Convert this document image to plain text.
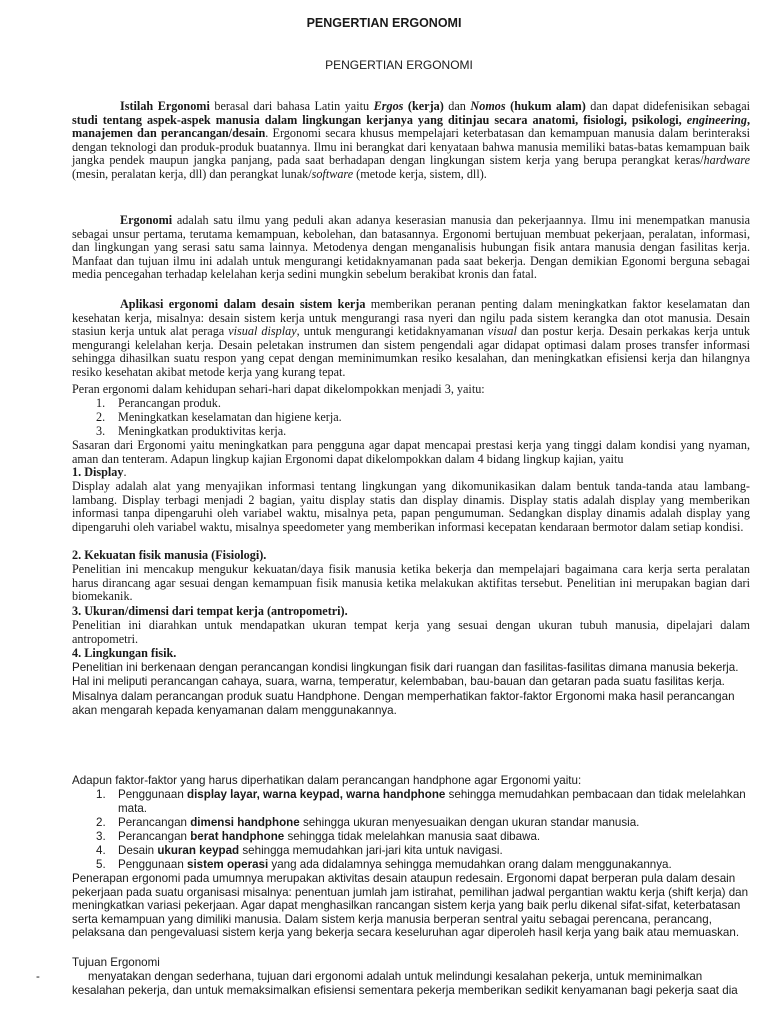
PENGERTIAN ERGONOMI
PENGERTIAN ERGONOMI

Istilah Ergonomi berasal dari bahasa Latin yaitu Ergos (kerja) dan Nomos (hukum alam) dan dapat didefenisikan sebagai studi tentang aspek-aspek manusia dalam lingkungan kerjanya yang ditinjau secara anatomi, fisiologi, psikologi, engineering, manajemen dan perancangan/desain. Ergonomi secara khusus mempelajari keterbatasan dan kemampuan manusia dalam berinteraksi dengan teknologi dan produk-produk buatannya. Ilmu ini berangkat dari kenyataan bahwa manusia memiliki batas-batas kemampuan baik jangka pendek maupun jangka panjang, pada saat berhadapan dengan lingkungan sistem kerja yang berupa perangkat keras/hardware (mesin, peralatan kerja, dll) dan perangkat lunak/software (metode kerja, sistem, dll).

Ergonomi adalah satu ilmu yang peduli akan adanya keserasian manusia dan pekerjaannya. Ilmu ini menempatkan manusia sebagai unsur pertama, terutama kemampuan, kebolehan, dan batasannya. Ergonomi bertujuan membuat pekerjaan, peralatan, informasi, dan lingkungan yang serasi satu sama lainnya. Metodenya dengan menganalisis hubungan fisik antara manusia dengan fasilitas kerja. Manfaat dan tujuan ilmu ini adalah untuk mengurangi ketidaknyamanan pada saat bekerja. Dengan demikian Egonomi berguna sebagai media pencegahan terhadap kelelahan kerja sedini mungkin sebelum berakibat kronis dan fatal.

Aplikasi ergonomi dalam desain sistem kerja memberikan peranan penting dalam meningkatkan faktor keselamatan dan kesehatan kerja, misalnya: desain sistem kerja untuk mengurangi rasa nyeri dan ngilu pada sistem kerangka dan otot manusia. Desain stasiun kerja untuk alat peraga visual display, untuk mengurangi ketidaknyamanan visual dan postur kerja. Desain perkakas kerja untuk mengurangi kelelahan kerja. Desain peletakan instrumen dan sistem pengendali agar didapat optimasi dalam proses transfer informasi sehingga dihasilkan suatu respon yang cepat dengan meminimumkan resiko kesalahan, dan meningkatkan efisiensi kerja dan hilangnya resiko kesehatan akibat metode kerja yang kurang tepat.

Peran ergonomi dalam kehidupan sehari-hari dapat dikelompokkan menjadi 3, yaitu:

1. Perancangan produk.
2. Meningkatkan keselamatan dan higiene kerja.
3. Meningkatkan produktivitas kerja.

Sasaran dari Ergonomi yaitu meningkatkan para pengguna agar dapat mencapai prestasi kerja yang tinggi dalam kondisi yang nyaman, aman dan tenteram. Adapun lingkup kajian Ergonomi dapat dikelompokkan dalam 4 bidang lingkup kajian, yaitu

1. Display.

Display adalah alat yang menyajikan informasi tentang lingkungan yang dikomunikasikan dalam bentuk tanda-tanda atau lambang-lambang. Display terbagi menjadi 2 bagian, yaitu display statis dan display dinamis. Display statis adalah display yang memberikan informasi tanpa dipengaruhi oleh variabel waktu, misalnya peta, papan pengumuman. Sedangkan display dinamis adalah display yang dipengaruhi oleh variabel waktu, misalnya speedometer yang memberikan informasi kecepatan kendaraan bermotor dalam setiap kondisi.

2. Kekuatan fisik manusia (Fisiologi).

Penelitian ini mencakup mengukur kekuatan/daya fisik manusia ketika bekerja dan mempelajari bagaimana cara kerja serta peralatan harus dirancang agar sesuai dengan kemampuan fisik manusia ketika melakukan aktifitas tersebut. Penelitian ini merupakan bagian dari biomekanik.

3. Ukuran/dimensi dari tempat kerja (antropometri).

Penelitian ini diarahkan untuk mendapatkan ukuran tempat kerja yang sesuai dengan ukuran tubuh manusia, dipelajari dalam antropometri.

4. Lingkungan fisik.

Penelitian ini berkenaan dengan perancangan kondisi lingkungan fisik dari ruangan dan fasilitas-fasilitas dimana manusia bekerja. Hal ini meliputi perancangan cahaya, suara, warna, temperatur, kelembaban, bau-bauan dan getaran pada suatu fasilitas kerja.

Misalnya dalam perancangan produk suatu Handphone. Dengan memperhatikan faktor-faktor Ergonomi maka hasil perancangan akan mengarah kepada kenyamanan dalam menggunakannya.

Adapun faktor-faktor yang harus diperhatikan dalam perancangan handphone agar Ergonomi yaitu:

1. Penggunaan display layar, warna keypad, warna handphone sehingga memudahkan pembacaan dan tidak melelahkan mata.
2. Perancangan dimensi handphone sehingga ukuran menyesuaikan dengan ukuran standar manusia.
3. Perancangan berat handphone sehingga tidak melelahkan manusia saat dibawa.
4. Desain ukuran keypad sehingga memudahkan jari-jari kita untuk navigasi.
5. Penggunaan sistem operasi yang ada didalamnya sehingga memudahkan orang dalam menggunakannya.

Penerapan ergonomi pada umumnya merupakan aktivitas desain ataupun redesain. Ergonomi dapat berperan pula dalam desain pekerjaan pada suatu organisasi misalnya: penentuan jumlah jam istirahat, pemilihan jadwal pergantian waktu kerja (shift kerja) dan meningkatkan variasi pekerjaan. Agar dapat menghasilkan rancangan sistem kerja yang baik perlu dikenal sifat-sifat, keterbatasan serta kemampuan yang dimiliki manusia. Dalam sistem kerja manusia berperan sentral yaitu sebagai perencana, perancang, pelaksana dan pengevaluasi sistem kerja yang bekerja secara keseluruhan agar diperoleh hasil kerja yang baik atau memuaskan.

Tujuan Ergonomi

-	menyatakan dengan sederhana, tujuan dari ergonomi adalah untuk melindungi kesalahan pekerja, untuk meminimalkan kesalahan pekerja, dan untuk memaksimalkan efisiensi sementara pekerja memberikan sedikit kenyamanan bagi pekerja saat dia
